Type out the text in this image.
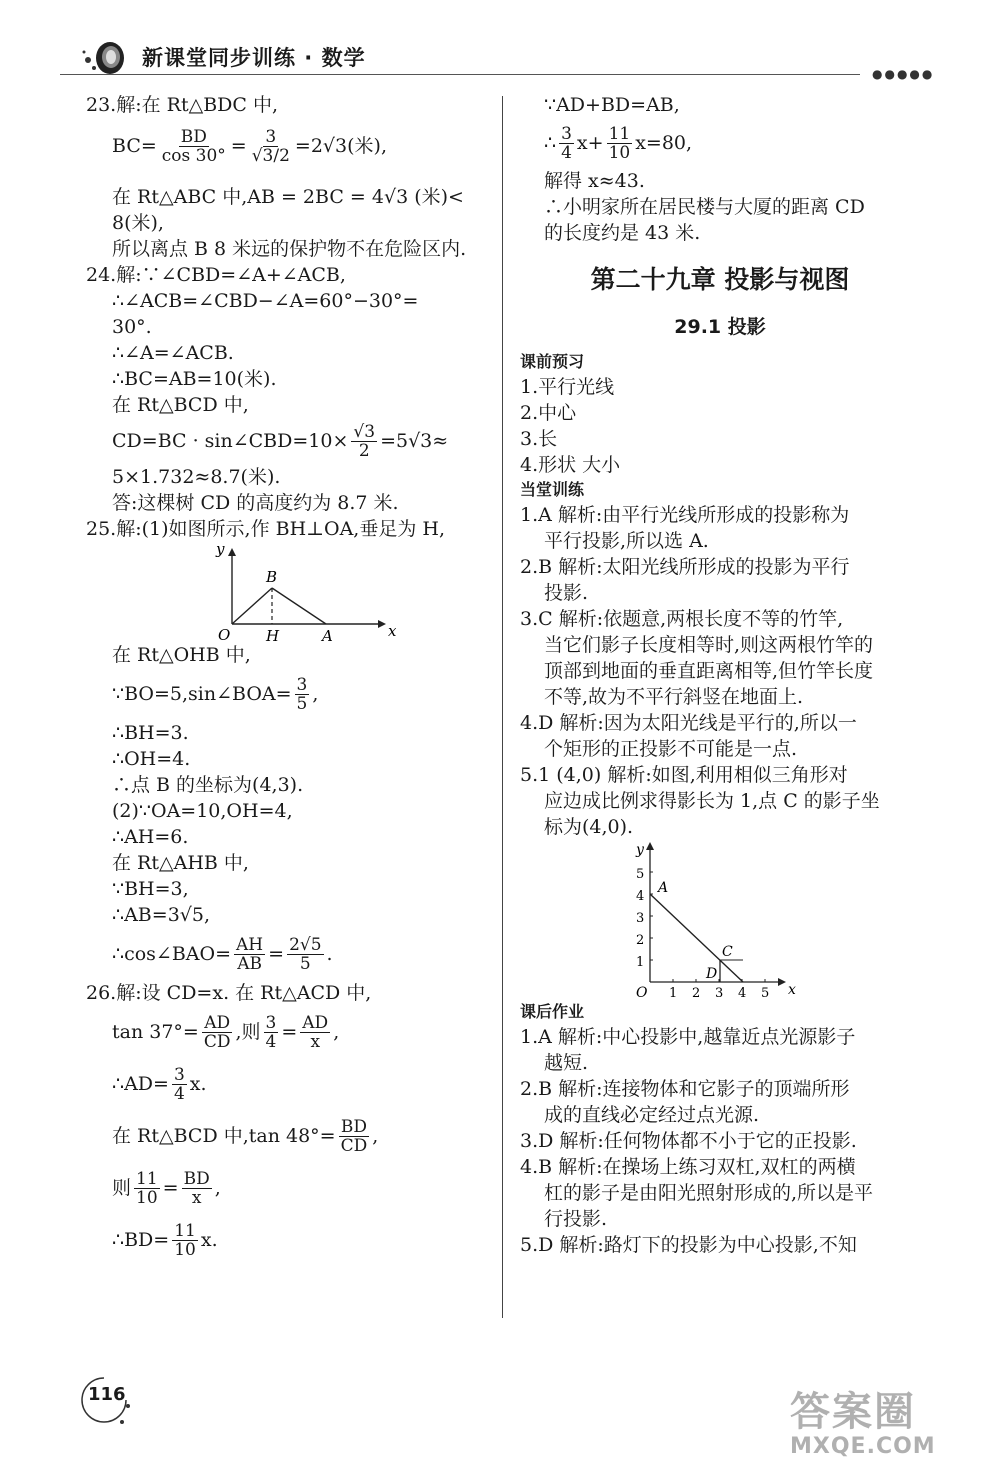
新课堂同步训练 · 数学
●●●●●

23.解:在 Rt△BDC 中,

$BC= \frac{BD}{\cos 30^\circ} = \frac{3}{√3/2} =2√3$(米),

在 Rt△ABC 中,AB = 2BC = 4√3 (米)<

8(米),

所以离点 B 8 米远的保护物不在危险区内.

24.解:∵∠CBD=∠A+∠ACB,

∴∠ACB=∠CBD−∠A=60°−30°=

30°.

∴∠A=∠ACB.

∴BC=AB=10(米).

在 Rt△BCD 中,

CD=BC · sin∠CBD=10× $\frac{√3}{2} =5√3\approx$

5×1.732≈8.7(米).

答:这棵树 CD 的高度约为 8.7 米.

25.解:(1)如图所示,作 BH⊥OA,垂足为 H,

y
x
O H	A
B

在 Rt△OHB 中,

∵BO=5,sin∠BOA= $\frac{3}{5}$ ,

∴BH=3.

∴OH=4.

∴点 B 的坐标为(4,3).

(2)∵OA=10,OH=4,

∴AH=6.

在 Rt△AHB 中,

∵BH=3,

∴AB=3√5,

∴cos∠BAO= $\frac{AH}{AB} = \frac{2√5}{5}$ .

26.解:设 CD=x. 在 Rt△ACD 中,

$\tan 37^\circ= \frac{AD}{CD}$ ,则 $\frac{3}{4} = \frac{AD}{x}$ ,
∴AD= $\frac{3}{4} x$.
在 Rt△BCD 中,tan $48^\circ= \frac{BD}{CD}$ ,
则 $\frac{11}{10} = \frac{BD}{x}$ ,
∴BD= $\frac{11}{10} x$.

∵AD+BD=AB,

∴ $\frac{3}{4} x+ \frac{11}{10} x=80$,

解得 x≈43.

∴小明家所在居民楼与大厦的距离 CD

的长度约是 43 米.

第二十九章 投影与视图
29.1 投影
课前预习

1.平行光线

2.中心

3.长

4.形状 大小

当堂训练

1.A 解析:由平行光线所形成的投影称为

平行投影,所以选 A.

2.B 解析:太阳光线所形成的投影为平行

投影.

3.C 解析:依题意,两根长度不等的竹竿,

当它们影子长度相等时,则这两根竹竿的

顶部到地面的垂直距离相等,但竹竿长度

不等,故为不平行斜竖在地面上.

4.D 解析:因为太阳光线是平行的,所以一

个矩形的正投影不可能是一点.

5.1 (4,0) 解析:如图,利用相似三角形对

应边成比例求得影长为 1,点 C 的影子坐

标为(4,0).

y
x
O
A
C
D
1
2
3
4
5
1 2 3 4 5
课后作业

1.A 解析:中心投影中,越靠近点光源影子

越短.

2.B 解析:连接物体和它影子的顶端所形

成的直线必定经过点光源.

3.D 解析:任何物体都不小于它的正投影.

4.B 解析:在操场上练习双杠,双杠的两横

杠的影子是由阳光照射形成的,所以是平

行投影.

5.D 解析:路灯下的投影为中心投影,不知

116	答案圈
MXQE.COM
